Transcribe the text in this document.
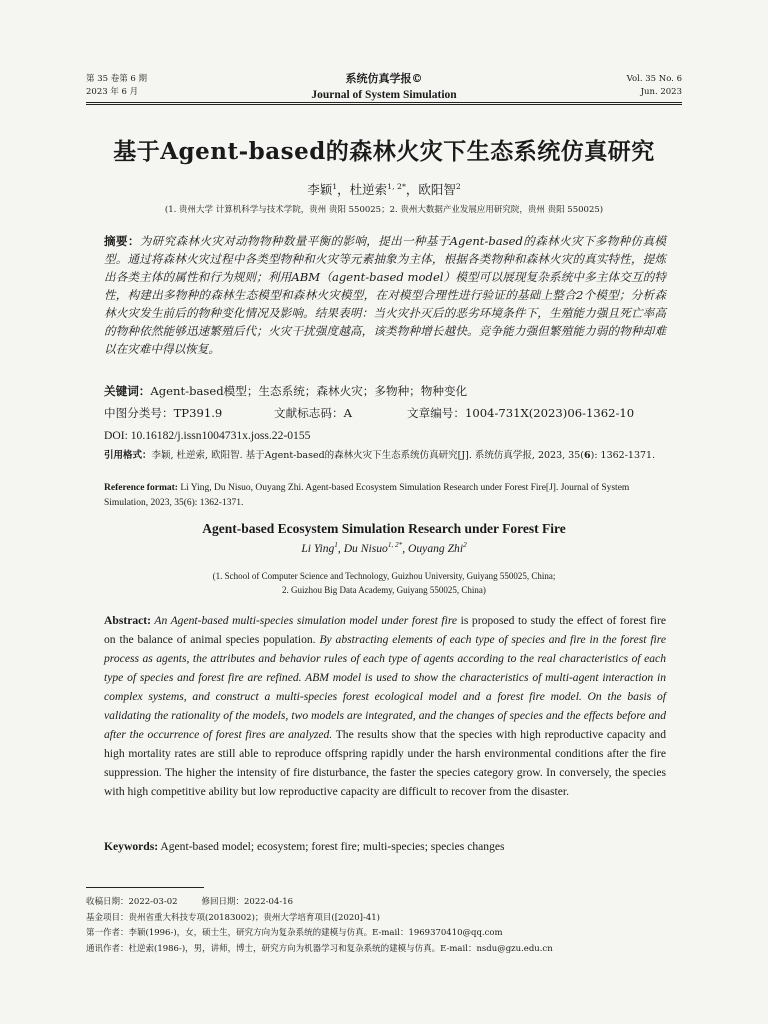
第 35 卷第 6 期
2023 年 6 月
系统仿真学报©
Journal of System Simulation
Vol. 35 No. 6
Jun. 2023
基于Agent-based的森林火灾下生态系统仿真研究
李颖$^1$，杜逆索$^{1, 2*}$，欧阳智$^2$
(1. 贵州大学 计算机科学与技术学院，贵州 贵阳 550025；2. 贵州大数据产业发展应用研究院，贵州 贵阳 550025)
摘要：为研究森林火灾对动物物种数量平衡的影响，提出一种基于Agent-based的森林火灾下多物种仿真模型。通过将森林火灾过程中各类型物种和火灾等元素抽象为主体，根据各类物种和森林火灾的真实特性，提炼出各类主体的属性和行为规则；利用ABM（agent-based model）模型可以展现复杂系统中多主体交互的特性，构建出多物种的森林生态模型和森林火灾模型，在对模型合理性进行验证的基础上整合2个模型；分析森林火灾发生前后的物种变化情况及影响。结果表明：当火灾扑灭后的恶劣环境条件下，生殖能力强且死亡率高的物种依然能够迅速繁殖后代；火灾干扰强度越高，该类物种增长越快。竞争能力强但繁殖能力弱的物种却难以在灾难中得以恢复。
关键词：Agent-based模型；生态系统；森林火灾；多物种；物种变化
中图分类号：TP391.9	文献标志码：A	文章编号：1004-731X(2023)06-1362-10
DOI: 10.16182/j.issn1004731x.joss.22-0155
引用格式：李颖, 杜逆索, 欧阳智. 基于Agent-based的森林火灾下生态系统仿真研究[J]. 系统仿真学报, 2023, 35(6): 1362-1371.
Reference format: Li Ying, Du Nisuo, Ouyang Zhi. Agent-based Ecosystem Simulation Research under Forest Fire[J]. Journal of System Simulation, 2023, 35(6): 1362-1371.
Agent-based Ecosystem Simulation Research under Forest Fire
Li Ying$^1$, Du Nisuo$^{1, 2*}$, Ouyang Zhi$^2$
(1. School of Computer Science and Technology, Guizhou University, Guiyang 550025, China;
2. Guizhou Big Data Academy, Guiyang 550025, China)
Abstract: An Agent-based multi-species simulation model under forest fire is proposed to study the effect of forest fire on the balance of animal species population. By abstracting elements of each type of species and fire in the forest fire process as agents, the attributes and behavior rules of each type of agents according to the real characteristics of each type of species and forest fire are refined. ABM model is used to show the characteristics of multi-agent interaction in complex systems, and construct a multi-species forest ecological model and a forest fire model. On the basis of validating the rationality of the models, two models are integrated, and the changes of species and the effects before and after the occurrence of forest fires are analyzed. The results show that the species with high reproductive capacity and high mortality rates are still able to reproduce offspring rapidly under the harsh environmental conditions after the fire suppression. The higher the intensity of fire disturbance, the faster the species category grow. In conversely, the species with high competitive ability but low reproductive capacity are difficult to recover from the disaster.
Keywords: Agent-based model; ecosystem; forest fire; multi-species; species changes
收稿日期：2022-03-02	修回日期：2022-04-16
基金项目：贵州省重大科技专项(20183002)；贵州大学培育项目([2020]-41)
第一作者：李颖(1996-)，女，硕士生，研究方向为复杂系统的建模与仿真。E-mail：1969370410@qq.com
通讯作者：杜逆索(1986-)，男，讲师，博士，研究方向为机器学习和复杂系统的建模与仿真。E-mail：nsdu@gzu.edu.cn
